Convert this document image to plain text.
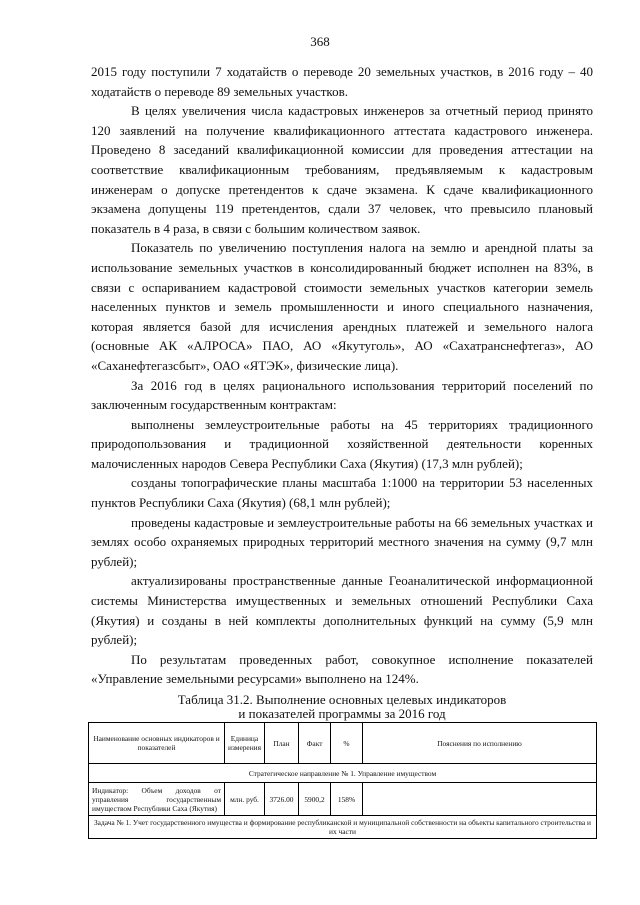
368

2015 году поступили 7 ходатайств о переводе 20 земельных участков, в 2016 году – 40 ходатайств о переводе 89 земельных участков.

В целях увеличения числа кадастровых инженеров за отчетный период принято 120 заявлений на получение квалификационного аттестата кадастрового инженера. Проведено 8 заседаний квалификационной комиссии для проведения аттестации на соответствие квалификационным требованиям, предъявляемым к кадастровым инженерам о допуске претендентов к сдаче экзамена. К сдаче квалификационного экзамена допущены 119 претендентов, сдали 37 человек, что превысило плановый показатель в 4 раза, в связи с большим количеством заявок.

Показатель по увеличению поступления налога на землю и арендной платы за использование земельных участков в консолидированный бюджет исполнен на 83%, в связи с оспариванием кадастровой стоимости земельных участков категории земель населенных пунктов и земель промышленности и иного специального назначения, которая является базой для исчисления арендных платежей и земельного налога (основные АК «АЛРОСА» ПАО, АО «Якутуголь», АО «Сахатранснефтегаз», АО «Саханефтегазсбыт», ОАО «ЯТЭК», физические лица).

За 2016 год в целях рационального использования территорий поселений по заключенным государственным контрактам:

выполнены землеустроительные работы на 45 территориях традиционного природопользования и традиционной хозяйственной деятельности коренных малочисленных народов Севера Республики Саха (Якутия) (17,3 млн рублей);

созданы топографические планы масштаба 1:1000 на территории 53 населенных пунктов Республики Саха (Якутия) (68,1 млн рублей);

проведены кадастровые и землеустроительные работы на 66 земельных участках и землях особо охраняемых природных территорий местного значения на сумму (9,7 млн рублей);

актуализированы пространственные данные Геоаналитической информационной системы Министерства имущественных и земельных отношений Республики Саха (Якутия) и созданы в ней комплекты дополнительных функций на сумму (5,9 млн рублей);

По результатам проведенных работ, совокупное исполнение показателей «Управление земельными ресурсами» выполнено на 124%.

Таблица 31.2. Выполнение основных целевых индикаторов
и показателей программы за 2016 год
Наименование основных индикаторов и показателей	Единица измерения	План	Факт	%	Пояснения по исполнению
Стратегическое направление № 1. Управление имуществом					
Индикатор: Объем доходов от управления государственным имуществом Республики Саха (Якутия)	млн. руб.	3726.00	5900,2	158%	
Задача № 1. Учет государственного имущества и формирование республиканской и муниципальной собственности на объекты капитального строительства и их части					
